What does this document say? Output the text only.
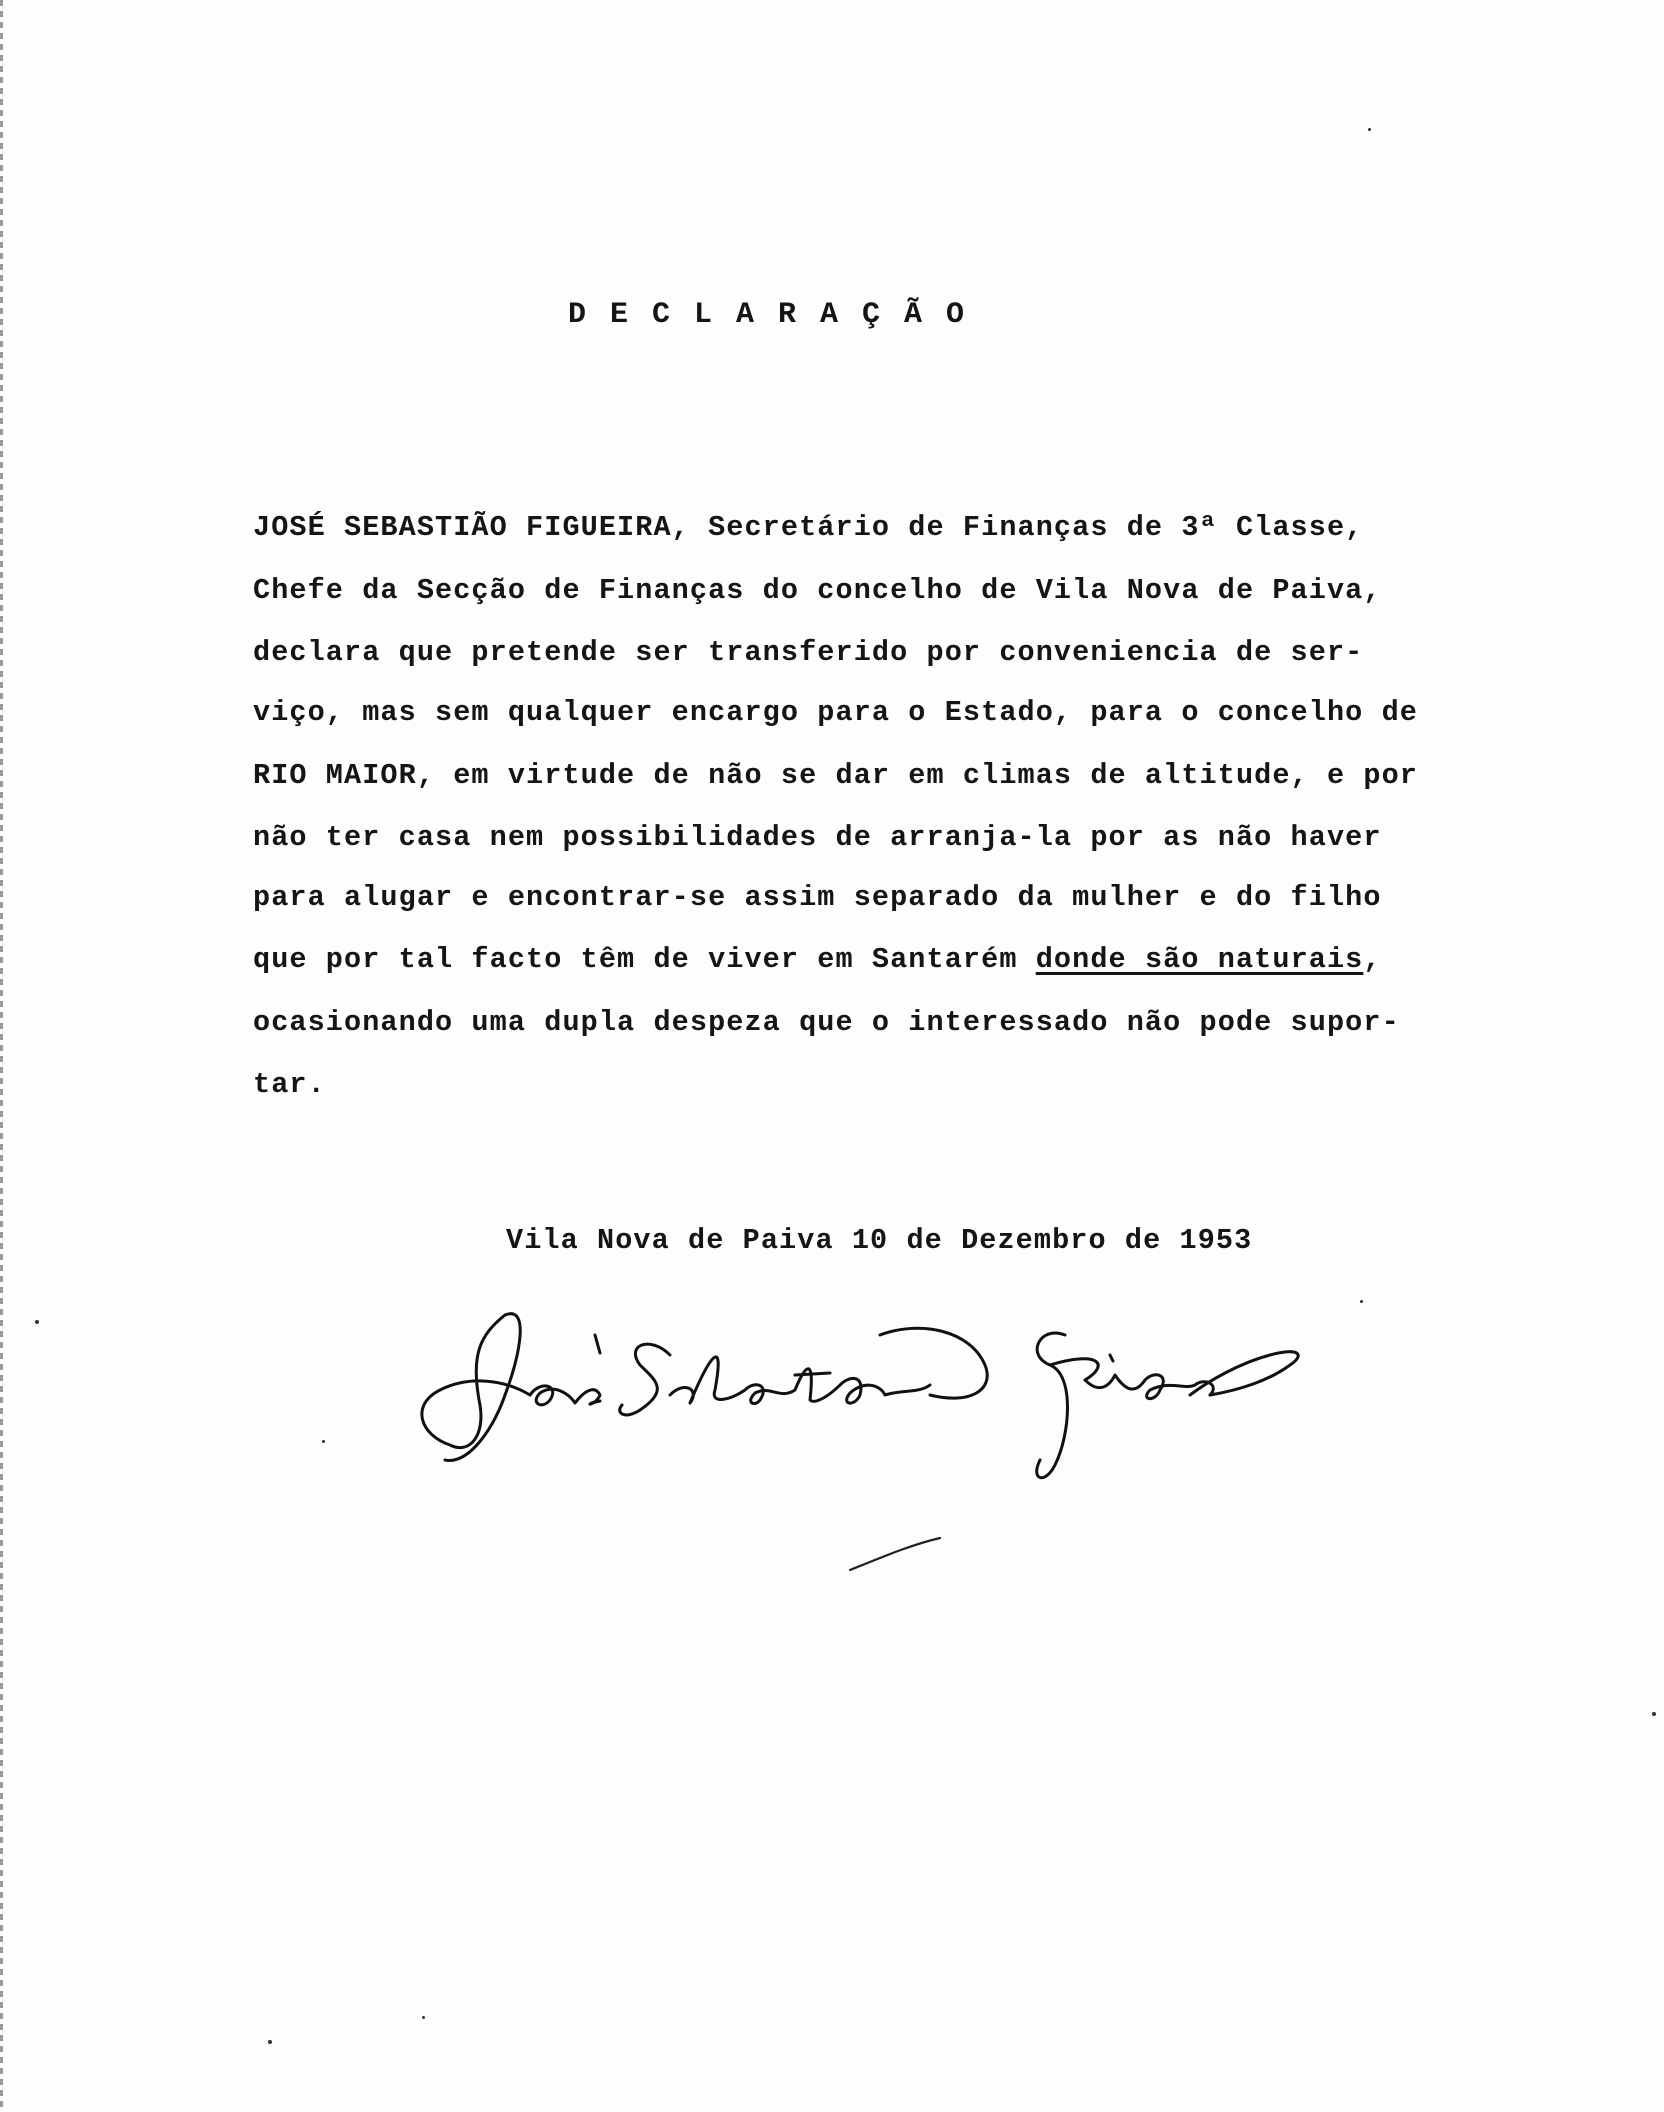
DECLARAÇÃO
JOSÉ SEBASTIÃO FIGUEIRA, Secretário de Finanças de 3ª Classe,
Chefe da Secção de Finanças do concelho de Vila Nova de Paiva,
declara que pretende ser transferido por conveniencia de ser-
viço, mas sem qualquer encargo para o Estado, para o concelho de
RIO MAIOR, em virtude de não se dar em climas de altitude, e por
não ter casa nem possibilidades de arranja-la por as não haver
para alugar e encontrar-se assim separado da mulher e do filho
que por tal facto têm de viver em Santarém donde são naturais,
ocasionando uma dupla despeza que o interessado não pode supor-
tar.
Vila Nova de Paiva 10 de Dezembro de 1953
